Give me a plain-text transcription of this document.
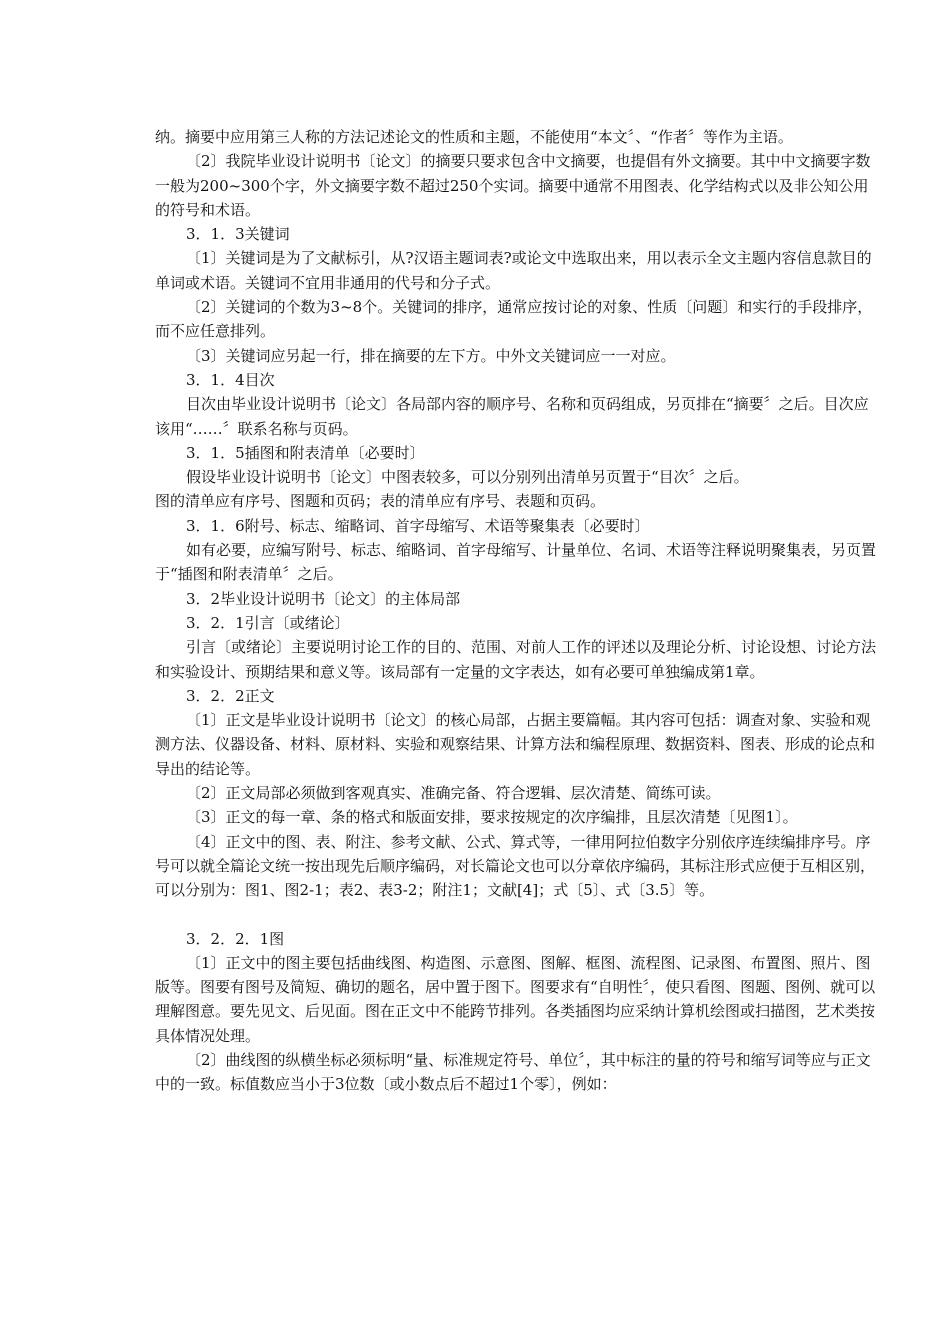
纳。摘要中应用第三人称的方法记述论文的性质和主题，不能使用“本文〞、“作者〞等作为主语。

〔2〕我院毕业设计说明书〔论文〕的摘要只要求包含中文摘要，也提倡有外文摘要。其中中文摘要字数一般为200~300个字，外文摘要字数不超过250个实词。摘要中通常不用图表、化学结构式以及非公知公用的符号和术语。

3．1．3关键词

〔1〕关键词是为了文献标引，从?汉语主题词表?或论文中选取出来，用以表示全文主题内容信息款目的单词或术语。关键词不宜用非通用的代号和分子式。

〔2〕关键词的个数为3~8个。关键词的排序，通常应按讨论的对象、性质〔问题〕和实行的手段排序，而不应任意排列。

〔3〕关键词应另起一行，排在摘要的左下方。中外文关键词应一一对应。

3．1．4目次

目次由毕业设计说明书〔论文〕各局部内容的顺序号、名称和页码组成，另页排在“摘要〞之后。目次应该用“……〞联系名称与页码。

3．1．5插图和附表清单〔必要时〕

假设毕业设计说明书〔论文〕中图表较多，可以分别列出清单另页置于“目次〞之后。

图的清单应有序号、图题和页码；表的清单应有序号、表题和页码。

3．1．6附号、标志、缩略词、首字母缩写、术语等聚集表〔必要时〕

如有必要，应编写附号、标志、缩略词、首字母缩写、计量单位、名词、术语等注释说明聚集表，另页置于“插图和附表清单〞之后。

3．2毕业设计说明书〔论文〕的主体局部

3．2．1引言〔或绪论〕

引言〔或绪论〕主要说明讨论工作的目的、范围、对前人工作的评述以及理论分析、讨论设想、讨论方法和实验设计、预期结果和意义等。该局部有一定量的文字表达，如有必要可单独编成第1章。

3．2．2正文

〔1〕正文是毕业设计说明书〔论文〕的核心局部，占据主要篇幅。其内容可包括：调查对象、实验和观测方法、仪器设备、材料、原材料、实验和观察结果、计算方法和编程原理、数据资料、图表、形成的论点和导出的结论等。

〔2〕正文局部必须做到客观真实、准确完备、符合逻辑、层次清楚、简练可读。

〔3〕正文的每一章、条的格式和版面安排，要求按规定的次序编排，且层次清楚〔见图1〕。

〔4〕正文中的图、表、附注、参考文献、公式、算式等，一律用阿拉伯数字分别依序连续编排序号。序号可以就全篇论文统一按出现先后顺序编码，对长篇论文也可以分章依序编码，其标注形式应便于互相区别，可以分别为：图1、图2-1；表2、表3-2；附注1；文献[4]；式〔5〕、式〔3.5〕等。

3．2．2．1图

〔1〕正文中的图主要包括曲线图、构造图、示意图、图解、框图、流程图、记录图、布置图、照片、图版等。图要有图号及简短、确切的题名，居中置于图下。图要求有“自明性〞，使只看图、图题、图例、就可以理解图意。要先见文、后见面。图在正文中不能跨节排列。各类插图均应采纳计算机绘图或扫描图，艺术类按具体情况处理。

〔2〕曲线图的纵横坐标必须标明“量、标准规定符号、单位〞，其中标注的量的符号和缩写词等应与正文中的一致。标值数应当小于3位数〔或小数点后不超过1个零〕，例如：
